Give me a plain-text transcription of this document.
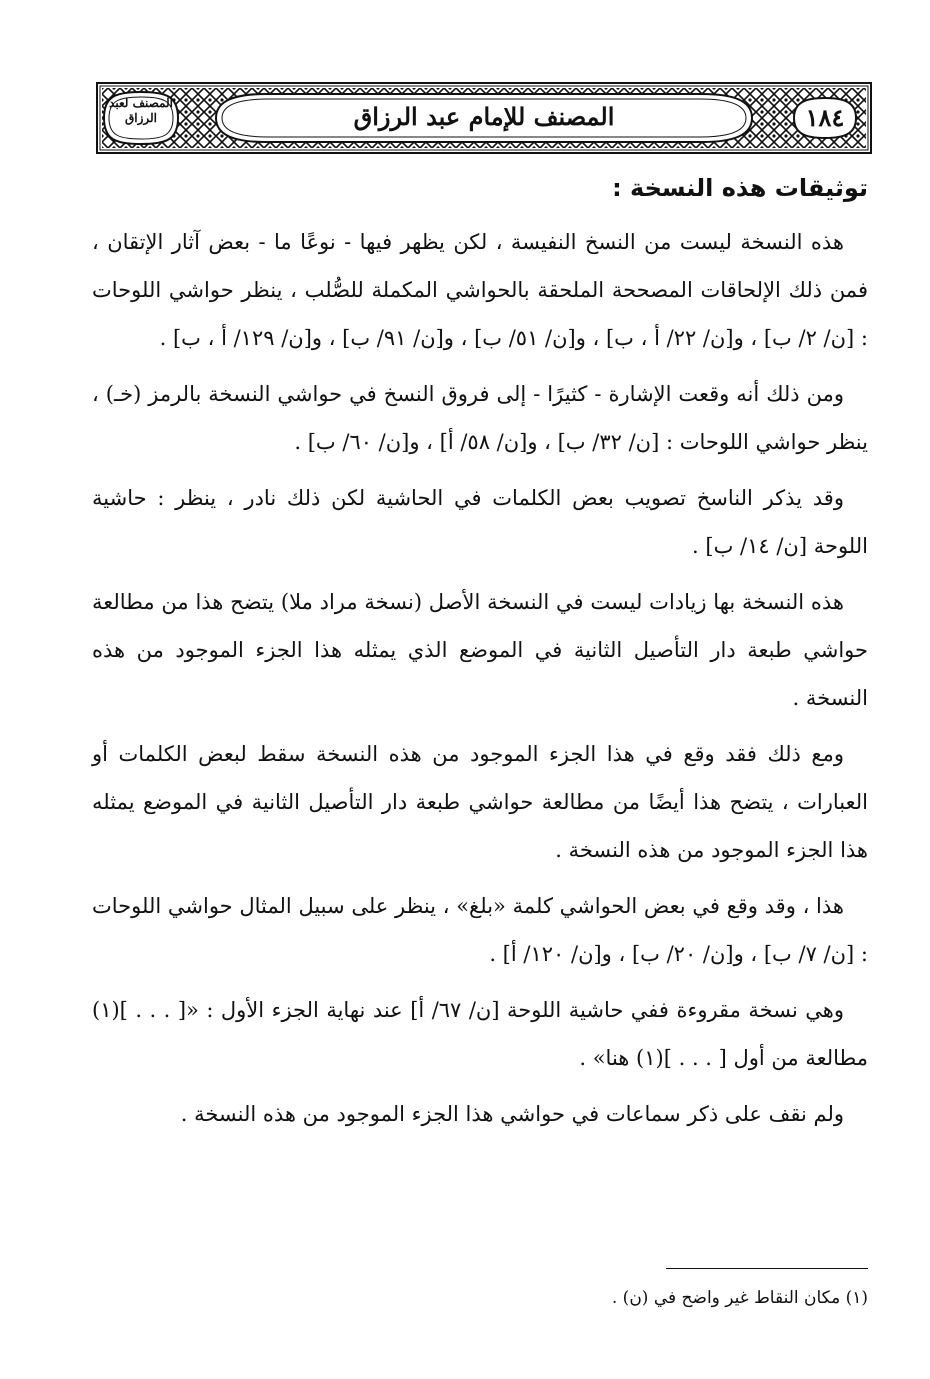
المصنف لعبد الرزاق	المصنف للإمام عبد الرزاق	١٨٤
توثيقات هذه النسخة :

هذه النسخة ليست من النسخ النفيسة ، لكن يظهر فيها - نوعًا ما - بعض آثار الإتقان ، فمن ذلك الإلحاقات المصححة الملحقة بالحواشي المكملة للصُّلب ، ينظر حواشي اللوحات : [ن/ ٢/ ب] ، و[ن/ ٢٢/ أ ، ب] ، و[ن/ ٥١/ ب] ، و[ن/ ٩١/ ب] ، و[ن/ ١٢٩/ أ ، ب] .

ومن ذلك أنه وقعت الإشارة - كثيرًا - إلى فروق النسخ في حواشي النسخة بالرمز (خـ) ، ينظر حواشي اللوحات : [ن/ ٣٢/ ب] ، و[ن/ ٥٨/ أ] ، و[ن/ ٦٠/ ب] .

وقد يذكر الناسخ تصويب بعض الكلمات في الحاشية لكن ذلك نادر ، ينظر : حاشية اللوحة [ن/ ١٤/ ب] .

هذه النسخة بها زيادات ليست في النسخة الأصل (نسخة مراد ملا) يتضح هذا من مطالعة حواشي طبعة دار التأصيل الثانية في الموضع الذي يمثله هذا الجزء الموجود من هذه النسخة .

ومع ذلك فقد وقع في هذا الجزء الموجود من هذه النسخة سقط لبعض الكلمات أو العبارات ، يتضح هذا أيضًا من مطالعة حواشي طبعة دار التأصيل الثانية في الموضع يمثله هذا الجزء الموجود من هذه النسخة .

هذا ، وقد وقع في بعض الحواشي كلمة «بلغ» ، ينظر على سبيل المثال حواشي اللوحات : [ن/ ٧/ ب] ، و[ن/ ٢٠/ ب] ، و[ن/ ١٢٠/ أ] .

وهي نسخة مقروءة ففي حاشية اللوحة [ن/ ٦٧/ أ] عند نهاية الجزء الأول : «[ . . . ](١) مطالعة من أول [ . . . ](١) هنا» .

ولم نقف على ذكر سماعات في حواشي هذا الجزء الموجود من هذه النسخة .

(١) مكان النقاط غير واضح في (ن) .
